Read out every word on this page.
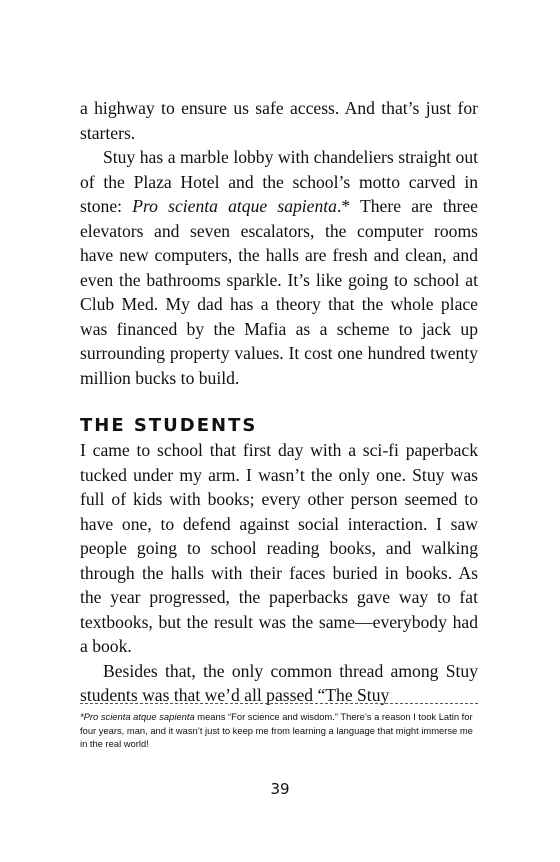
a highway to ensure us safe access. And that’s just for starters.

Stuy has a marble lobby with chandeliers straight out of the Plaza Hotel and the school’s motto carved in stone: Pro scienta atque sapienta.* There are three elevators and seven escalators, the computer rooms have new computers, the halls are fresh and clean, and even the bathrooms sparkle. It’s like going to school at Club Med. My dad has a theory that the whole place was financed by the Mafia as a scheme to jack up surrounding property values. It cost one hundred twenty million bucks to build.

THE STUDENTS

I came to school that first day with a sci-fi paperback tucked under my arm. I wasn’t the only one. Stuy was full of kids with books; every other person seemed to have one, to defend against social interaction. I saw people going to school reading books, and walking through the halls with their faces buried in books. As the year progressed, the paperbacks gave way to fat textbooks, but the result was the same—everybody had a book.

Besides that, the only common thread among Stuy students was that we’d all passed “The Stuy

*Pro scienta atque sapienta means “For science and wisdom.” There’s a reason I took Latin for four years, man, and it wasn’t just to keep me from learning a language that might immerse me in the real world!

39
